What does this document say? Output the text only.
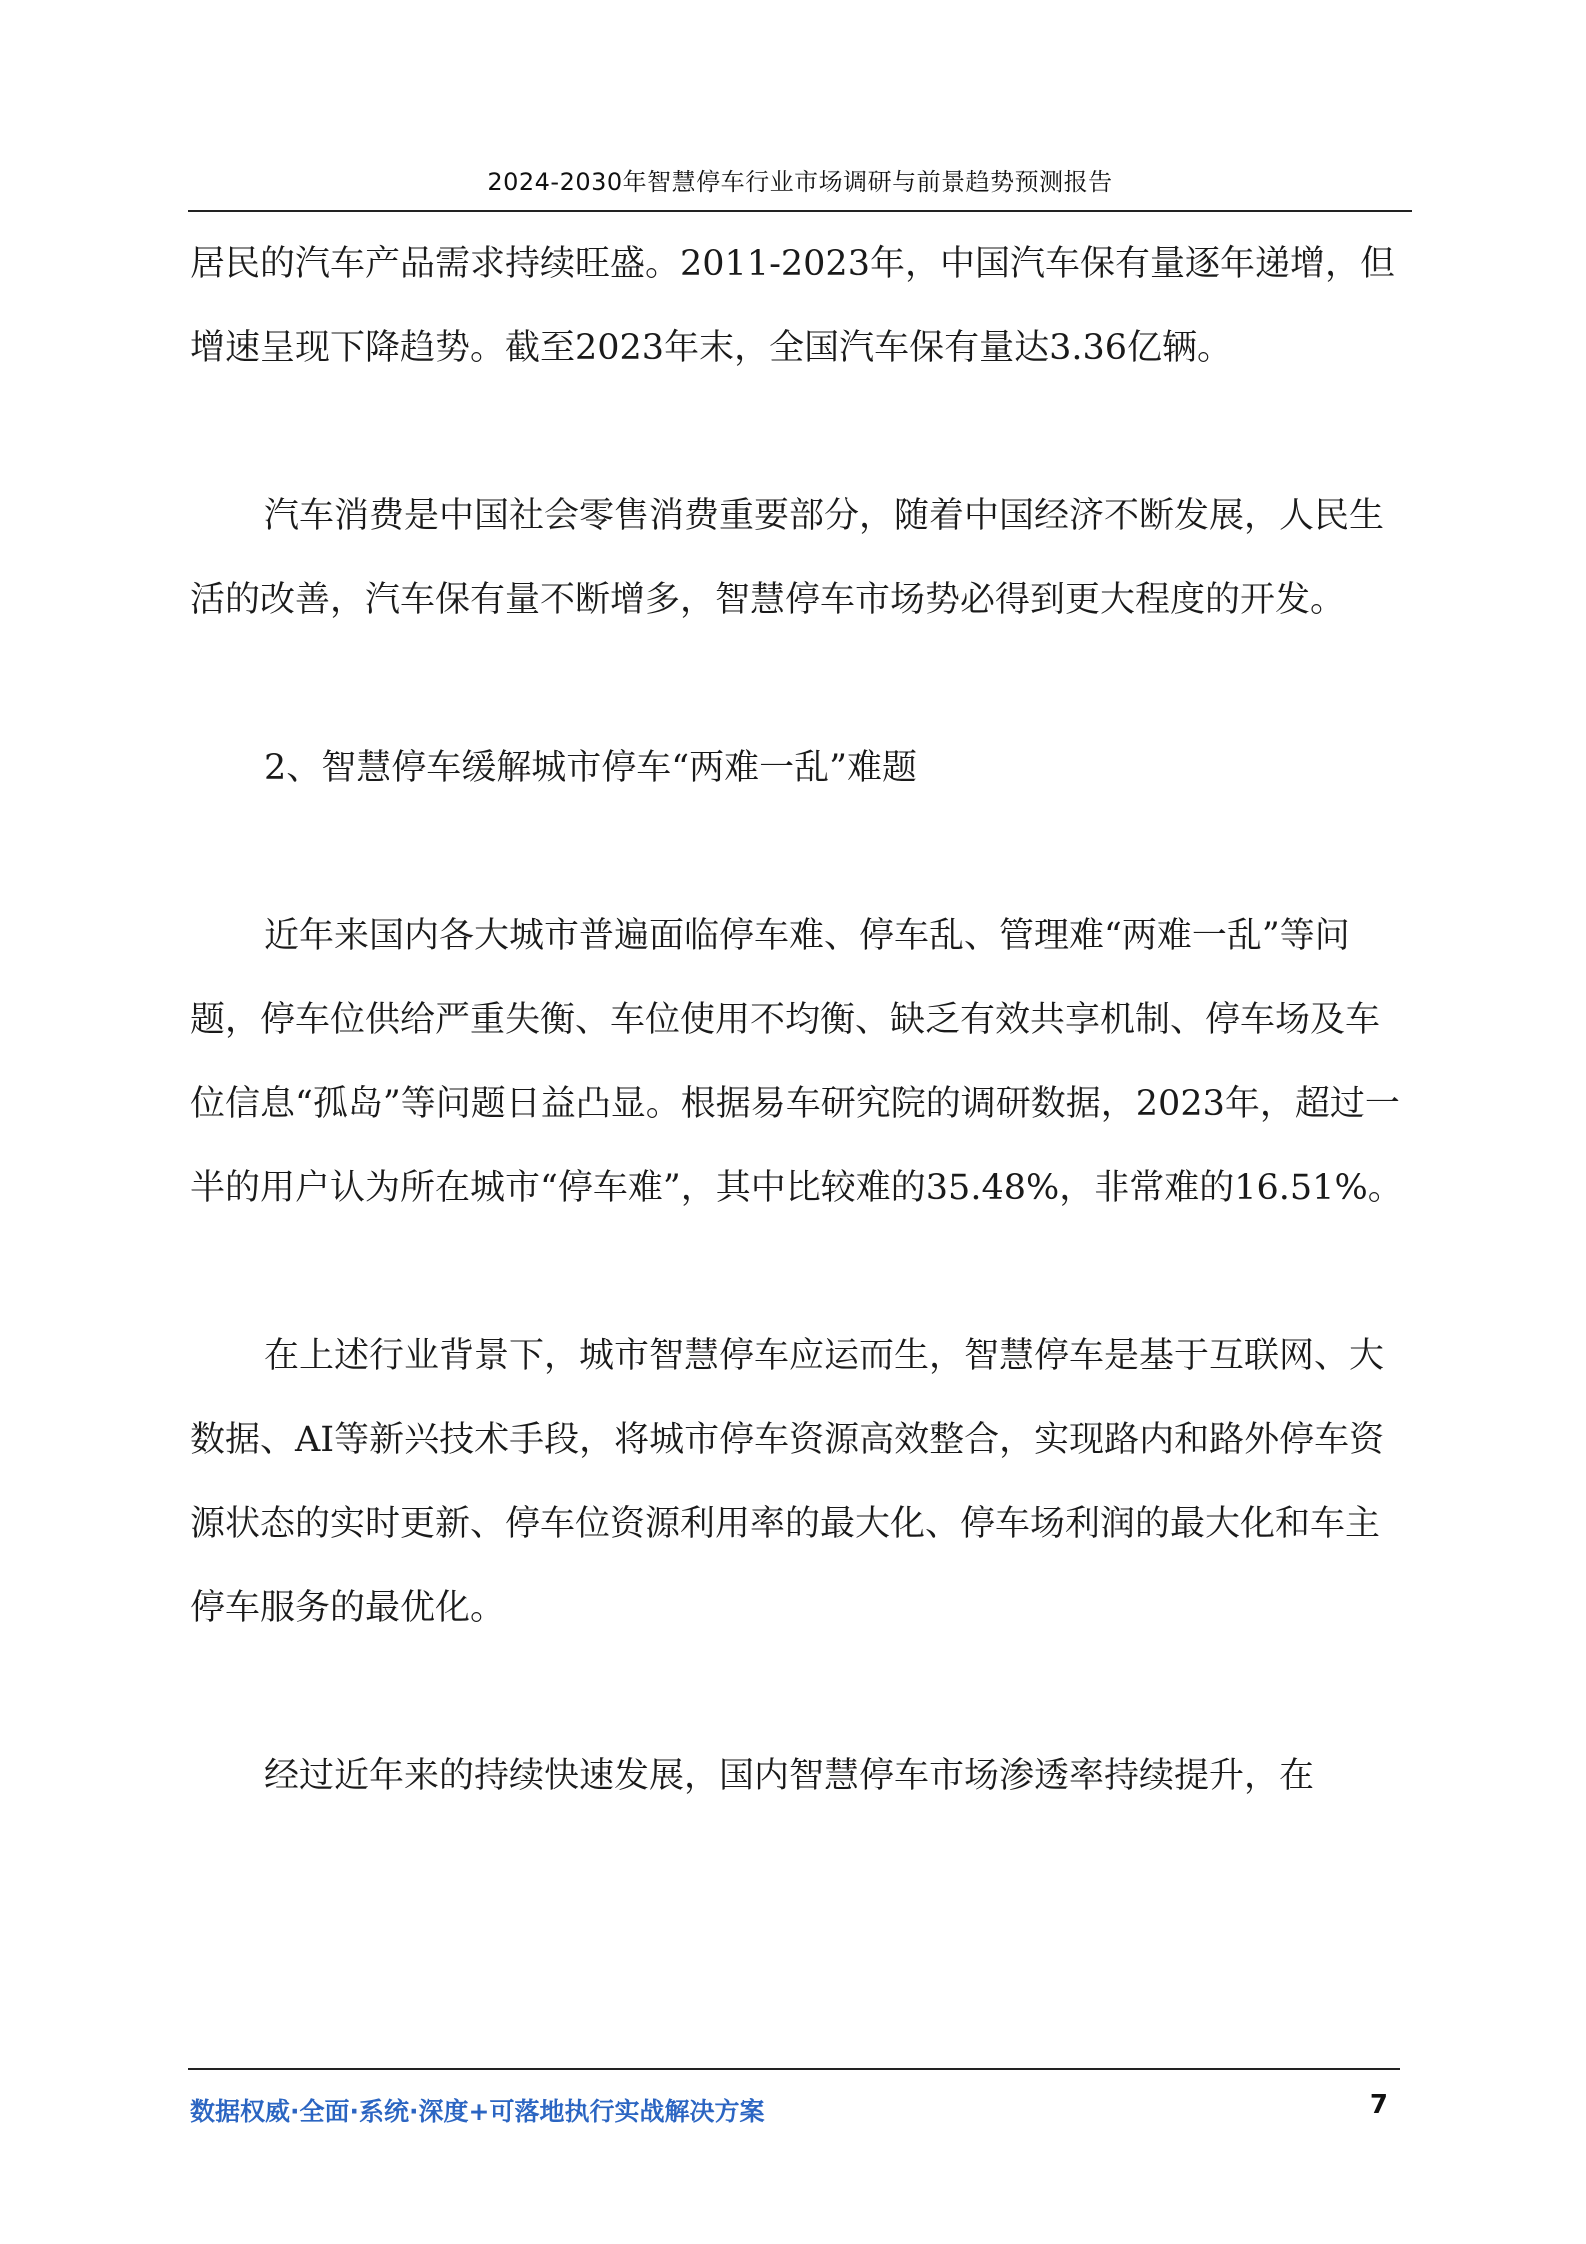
2024-2030年智慧停车行业市场调研与前景趋势预测报告

居民的汽车产品需求持续旺盛。2011-2023年，中国汽车保有量逐年递增，但增速呈现下降趋势。截至2023年末，全国汽车保有量达3.36亿辆。

汽车消费是中国社会零售消费重要部分，随着中国经济不断发展，人民生活的改善，汽车保有量不断增多，智慧停车市场势必得到更大程度的开发。

2、智慧停车缓解城市停车“两难一乱”难题

近年来国内各大城市普遍面临停车难、停车乱、管理难“两难一乱”等问题，停车位供给严重失衡、车位使用不均衡、缺乏有效共享机制、停车场及车位信息“孤岛”等问题日益凸显。根据易车研究院的调研数据，2023年，超过一半的用户认为所在城市“停车难”，其中比较难的35.48%，非常难的16.51%。

在上述行业背景下，城市智慧停车应运而生，智慧停车是基于互联网、大数据、AI等新兴技术手段，将城市停车资源高效整合，实现路内和路外停车资源状态的实时更新、停车位资源利用率的最大化、停车场利润的最大化和车主停车服务的最优化。

经过近年来的持续快速发展，国内智慧停车市场渗透率持续提升，在

数据权威·全面·系统·深度+可落地执行实战解决方案	7
